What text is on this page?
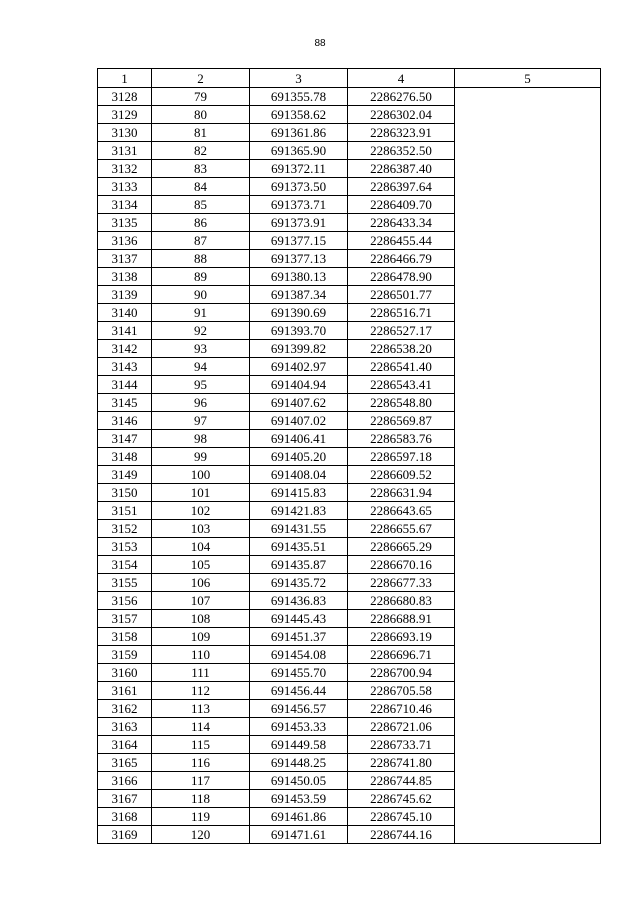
88
1	2	3	4	5
3128	79	691355.78	2286276.50	
3129	80	691358.62	2286302.04	
3130	81	691361.86	2286323.91	
3131	82	691365.90	2286352.50	
3132	83	691372.11	2286387.40	
3133	84	691373.50	2286397.64	
3134	85	691373.71	2286409.70	
3135	86	691373.91	2286433.34	
3136	87	691377.15	2286455.44	
3137	88	691377.13	2286466.79	
3138	89	691380.13	2286478.90	
3139	90	691387.34	2286501.77	
3140	91	691390.69	2286516.71	
3141	92	691393.70	2286527.17	
3142	93	691399.82	2286538.20	
3143	94	691402.97	2286541.40	
3144	95	691404.94	2286543.41	
3145	96	691407.62	2286548.80	
3146	97	691407.02	2286569.87	
3147	98	691406.41	2286583.76	
3148	99	691405.20	2286597.18	
3149	100	691408.04	2286609.52	
3150	101	691415.83	2286631.94	
3151	102	691421.83	2286643.65	
3152	103	691431.55	2286655.67	
3153	104	691435.51	2286665.29	
3154	105	691435.87	2286670.16	
3155	106	691435.72	2286677.33	
3156	107	691436.83	2286680.83	
3157	108	691445.43	2286688.91	
3158	109	691451.37	2286693.19	
3159	110	691454.08	2286696.71	
3160	111	691455.70	2286700.94	
3161	112	691456.44	2286705.58	
3162	113	691456.57	2286710.46	
3163	114	691453.33	2286721.06	
3164	115	691449.58	2286733.71	
3165	116	691448.25	2286741.80	
3166	117	691450.05	2286744.85	
3167	118	691453.59	2286745.62	
3168	119	691461.86	2286745.10	
3169	120	691471.61	2286744.16	
